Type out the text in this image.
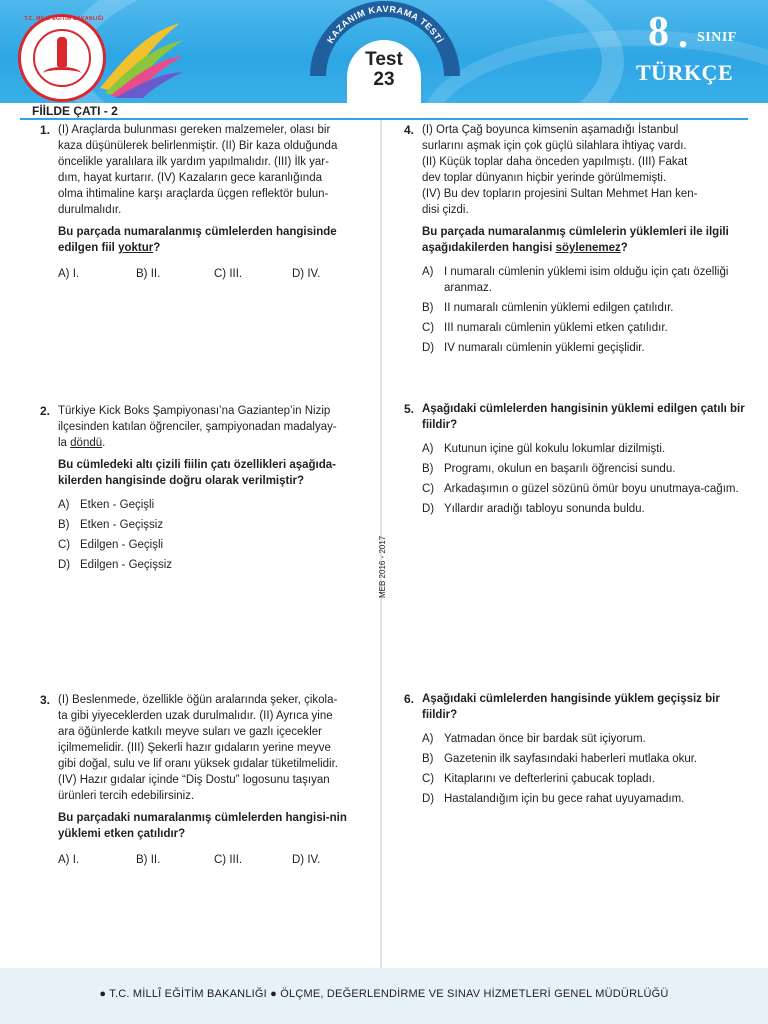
T.C. MİLLÎ EĞİTİM BAKANLIĞI
KAZANIM KAVRAMA TESTİ
Test
23
8 . SINIF
TÜRKÇE
FİİLDE ÇATI - 2
MEB 2016 - 2017
1. (I) Araçlarda bulunması gereken malzemeler, olası bir

kaza düşünülerek belirlenmiştir. (II) Bir kaza olduğunda

öncelikle yaralılara ilk yardım yapılmalıdır. (III) İlk yar-

dım, hayat kurtarır. (IV) Kazaların gece karanlığında

olma ihtimaline karşı araçlarda üçgen reflektör bulun-

durulmalıdır.

Bu parçada numaralanmış cümlelerden hangisinde edilgen fiil yoktur?
A) I.	B) II.	C) III.	D) IV.
2. Türkiye Kick Boks Şampiyonası’na Gaziantep’in Nizip

ilçesinden katılan öğrenciler, şampiyonadan madalyay-

la döndü.

Bu cümledeki altı çizili fiilin çatı özellikleri aşağıda-kilerden hangisinde doğru olarak verilmiştir?
A) Etken - Geçişli
B) Etken - Geçişsiz
C) Edilgen - Geçişli
D) Edilgen - Geçişsiz
3. (I) Beslenmede, özellikle öğün aralarında şeker, çikola-

ta gibi yiyeceklerden uzak durulmalıdır. (II) Ayrıca yine

ara öğünlerde katkılı meyve suları ve gazlı içecekler

içilmemelidir. (III) Şekerli hazır gıdaların yerine meyve

gibi doğal, sulu ve lif oranı yüksek gıdalar tüketilmelidir.

(IV) Hazır gıdalar içinde “Diş Dostu” logosunu taşıyan

ürünleri tercih edebilirsiniz.

Bu parçadaki numaralanmış cümlelerden hangisi-nin yüklemi etken çatılıdır?
A) I.	B) II.	C) III.	D) IV.
4. (I) Orta Çağ boyunca kimsenin aşamadığı İstanbul

surlarını aşmak için çok güçlü silahlara ihtiyaç vardı.

(II) Küçük toplar daha önceden yapılmıştı. (III) Fakat

dev toplar dünyanın hiçbir yerinde görülmemişti.

(IV) Bu dev topların projesini Sultan Mehmet Han ken-

disi çizdi.

Bu parçada numaralanmış cümlelerin yüklemleri ile ilgili aşağıdakilerden hangisi söylenemez?
A) I numaralı cümlenin yüklemi isim olduğu için çatı özelliği aranmaz.
B) II numaralı cümlenin yüklemi edilgen çatılıdır.
C) III numaralı cümlenin yüklemi etken çatılıdır.
D) IV numaralı cümlenin yüklemi geçişlidir.
5. Aşağıdaki cümlelerden hangisinin yüklemi edilgen çatılı bir fiildir?
A) Kutunun içine gül kokulu lokumlar dizilmişti.
B) Programı, okulun en başarılı öğrencisi sundu.
C) Arkadaşımın o güzel sözünü ömür boyu unutmaya-cağım.
D) Yıllardır aradığı tabloyu sonunda buldu.
6. Aşağıdaki cümlelerden hangisinde yüklem geçişsiz bir fiildir?
A) Yatmadan önce bir bardak süt içiyorum.
B) Gazetenin ilk sayfasındaki haberleri mutlaka okur.
C) Kitaplarını ve defterlerini çabucak topladı.
D) Hastalandığım için bu gece rahat uyuyamadım.
● T.C. MİLLÎ EĞİTİM BAKANLIĞI ● ÖLÇME, DEĞERLENDİRME VE SINAV HİZMETLERİ GENEL MÜDÜRLÜĞÜ
